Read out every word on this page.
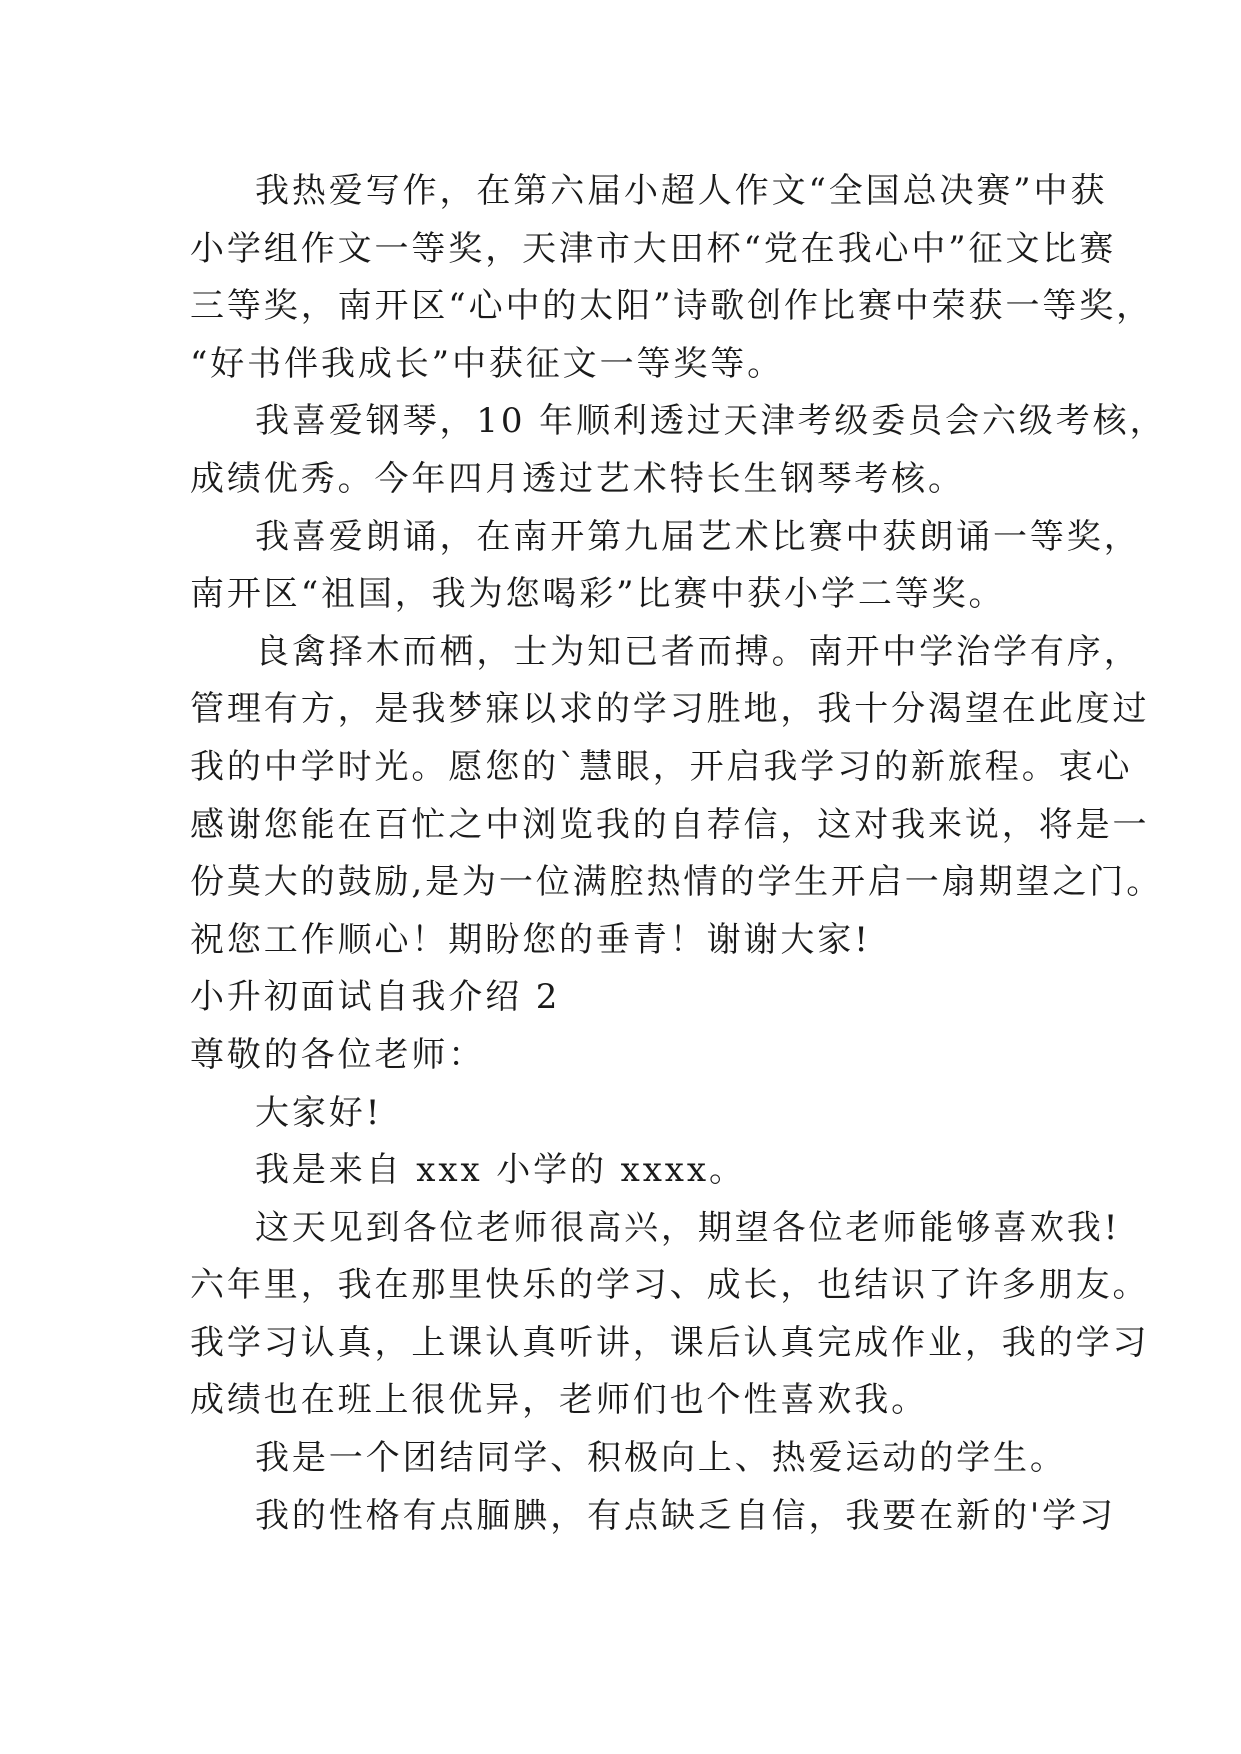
我热爱写作，在第六届小超人作文“全国总决赛”中获
小学组作文一等奖，天津市大田杯“党在我心中”征文比赛
三等奖，南开区“心中的太阳”诗歌创作比赛中荣获一等奖，
“好书伴我成长”中获征文一等奖等。
我喜爱钢琴，10 年顺利透过天津考级委员会六级考核，
成绩优秀。今年四月透过艺术特长生钢琴考核。
我喜爱朗诵，在南开第九届艺术比赛中获朗诵一等奖，
南开区“祖国，我为您喝彩”比赛中获小学二等奖。
良禽择木而栖，士为知已者而搏。南开中学治学有序，
管理有方，是我梦寐以求的学习胜地，我十分渴望在此度过
我的中学时光。愿您的`慧眼，开启我学习的新旅程。衷心
感谢您能在百忙之中浏览我的自荐信，这对我来说，将是一
份莫大的鼓励,是为一位满腔热情的学生开启一扇期望之门。
祝您工作顺心！期盼您的垂青！谢谢大家!
小升初面试自我介绍 2
尊敬的各位老师：
大家好!
我是来自 xxx 小学的 xxxx。
这天见到各位老师很高兴，期望各位老师能够喜欢我!
六年里，我在那里快乐的学习、成长，也结识了许多朋友。
我学习认真，上课认真听讲，课后认真完成作业，我的学习
成绩也在班上很优异，老师们也个性喜欢我。
我是一个团结同学、积极向上、热爱运动的学生。
我的性格有点腼腆，有点缺乏自信，我要在新的'学习
